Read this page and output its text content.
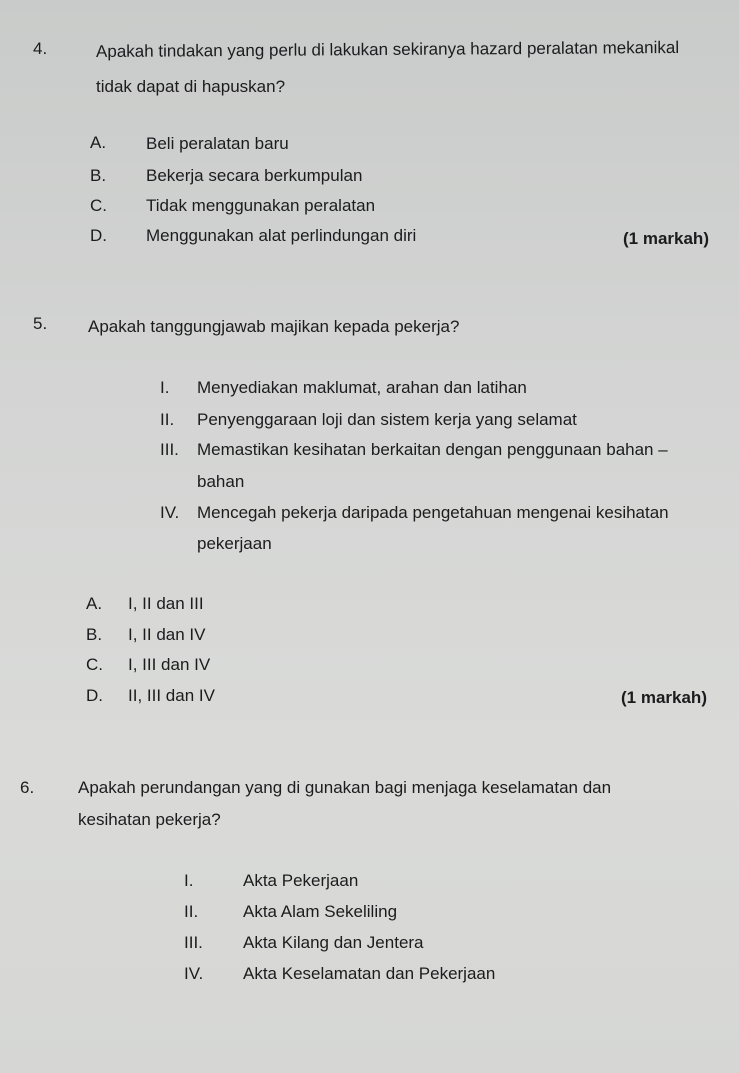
4.	Apakah tindakan yang perlu di lakukan sekiranya hazard peralatan mekanikal
tidak dapat di hapuskan?
A. Beli peralatan baru
B. Bekerja secara berkumpulan
C. Tidak menggunakan peralatan
D. Menggunakan alat perlindungan diri	(1 markah)
5. Apakah tanggungjawab majikan kepada pekerja?
I. Menyediakan maklumat, arahan dan latihan
II. Penyenggaraan loji dan sistem kerja yang selamat
III. Memastikan kesihatan berkaitan dengan penggunaan bahan –
bahan
IV. Mencegah pekerja daripada pengetahuan mengenai kesihatan
pekerjaan
A. I, II dan III
B. I, II dan IV
C. I, III dan IV
D. II, III dan IV	(1 markah)
6.	Apakah perundangan yang di gunakan bagi menjaga keselamatan dan
kesihatan pekerja?
I.	Akta Pekerjaan
II.	Akta Alam Sekeliling
III. Akta Kilang dan Jentera
IV. Akta Keselamatan dan Pekerjaan
